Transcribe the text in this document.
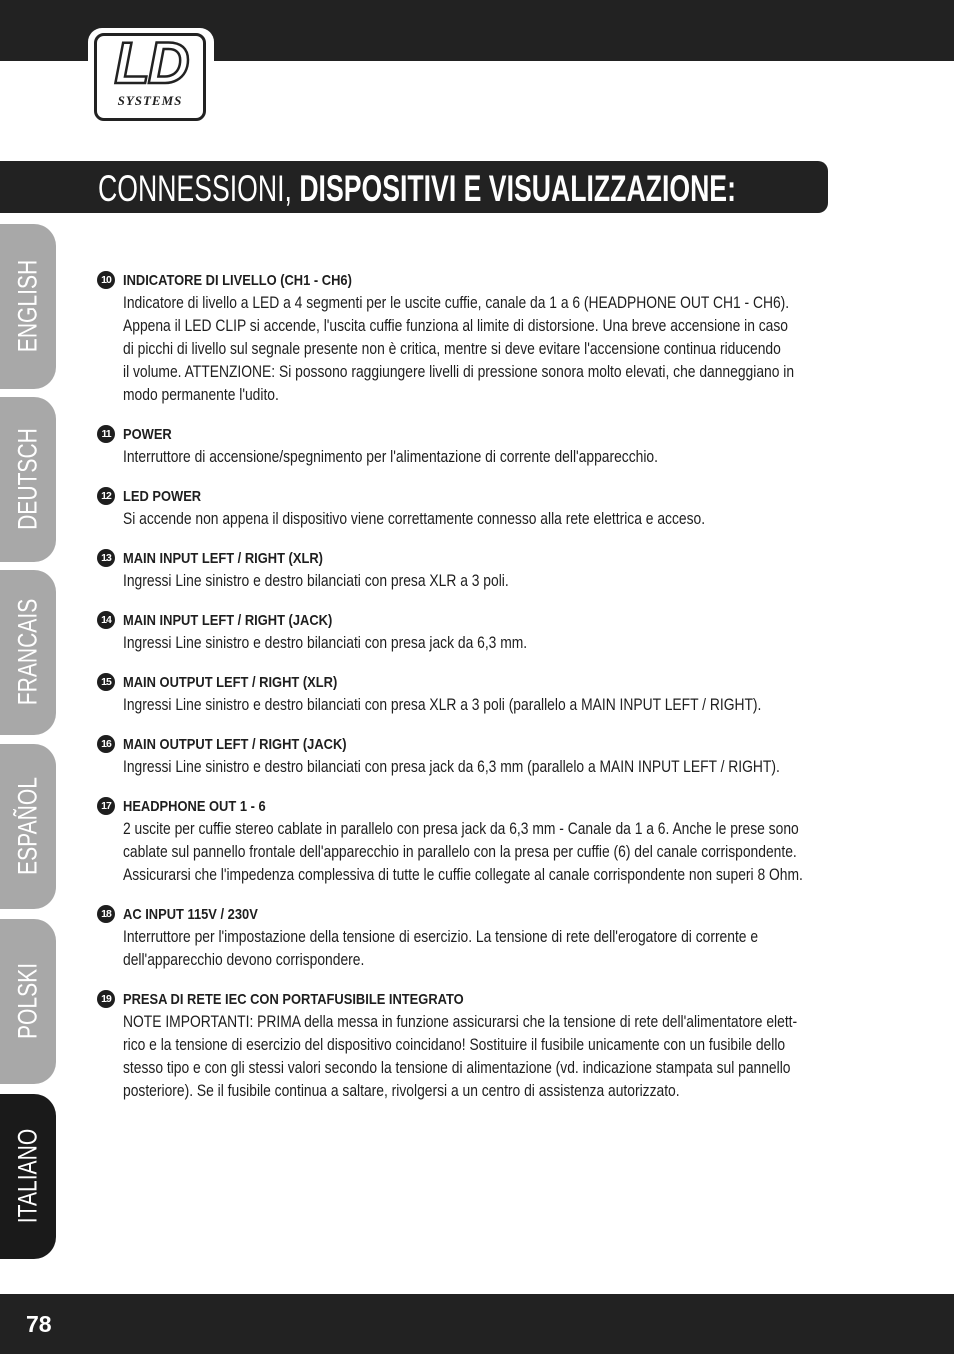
LD
SYSTEMS
CONNESSIONI, DISPOSITIVI E VISUALIZZAZIONE:
ENGLISH
DEUTSCH
FRANCAIS
ESPAÑOL
POLSKI
ITALIANO
10 INDICATORE DI LIVELLO (CH1 - CH6)
Indicatore di livello a LED a 4 segmenti per le uscite cuffie, canale da 1 a 6 (HEADPHONE OUT CH1 - CH6).
Appena il LED CLIP si accende, l'uscita cuffie funziona al limite di distorsione. Una breve accensione in caso
di picchi di livello sul segnale presente non è critica, mentre si deve evitare l'accensione continua riducendo
il volume. ATTENZIONE: Si possono raggiungere livelli di pressione sonora molto elevati, che danneggiano in
modo permanente l'udito.
11 POWER
Interruttore di accensione/spegnimento per l'alimentazione di corrente dell'apparecchio.
12 LED POWER
Si accende non appena il dispositivo viene correttamente connesso alla rete elettrica e acceso.
13 MAIN INPUT LEFT / RIGHT (XLR)
Ingressi Line sinistro e destro bilanciati con presa XLR a 3 poli.
14 MAIN INPUT LEFT / RIGHT (JACK)
Ingressi Line sinistro e destro bilanciati con presa jack da 6,3 mm.
15 MAIN OUTPUT LEFT / RIGHT (XLR)
Ingressi Line sinistro e destro bilanciati con presa XLR a 3 poli (parallelo a MAIN INPUT LEFT / RIGHT).
16 MAIN OUTPUT LEFT / RIGHT (JACK)
Ingressi Line sinistro e destro bilanciati con presa jack da 6,3 mm (parallelo a MAIN INPUT LEFT / RIGHT).
17 HEADPHONE OUT 1 - 6
2 uscite per cuffie stereo cablate in parallelo con presa jack da 6,3 mm - Canale da 1 a 6. Anche le prese sono
cablate sul pannello frontale dell'apparecchio in parallelo con la presa per cuffie (6) del canale corrispondente.
Assicurarsi che l'impedenza complessiva di tutte le cuffie collegate al canale corrispondente non superi 8 Ohm.
18 AC INPUT 115V / 230V
Interruttore per l'impostazione della tensione di esercizio. La tensione di rete dell'erogatore di corrente e
dell'apparecchio devono corrispondere.
19 PRESA DI RETE IEC CON PORTAFUSIBILE INTEGRATO
NOTE IMPORTANTI: PRIMA della messa in funzione assicurarsi che la tensione di rete dell'alimentatore elett-
rico e la tensione di esercizio del dispositivo coincidano! Sostituire il fusibile unicamente con un fusibile dello
stesso tipo e con gli stessi valori secondo la tensione di alimentazione (vd. indicazione stampata sul pannello
posteriore). Se il fusibile continua a saltare, rivolgersi a un centro di assistenza autorizzato.
78
